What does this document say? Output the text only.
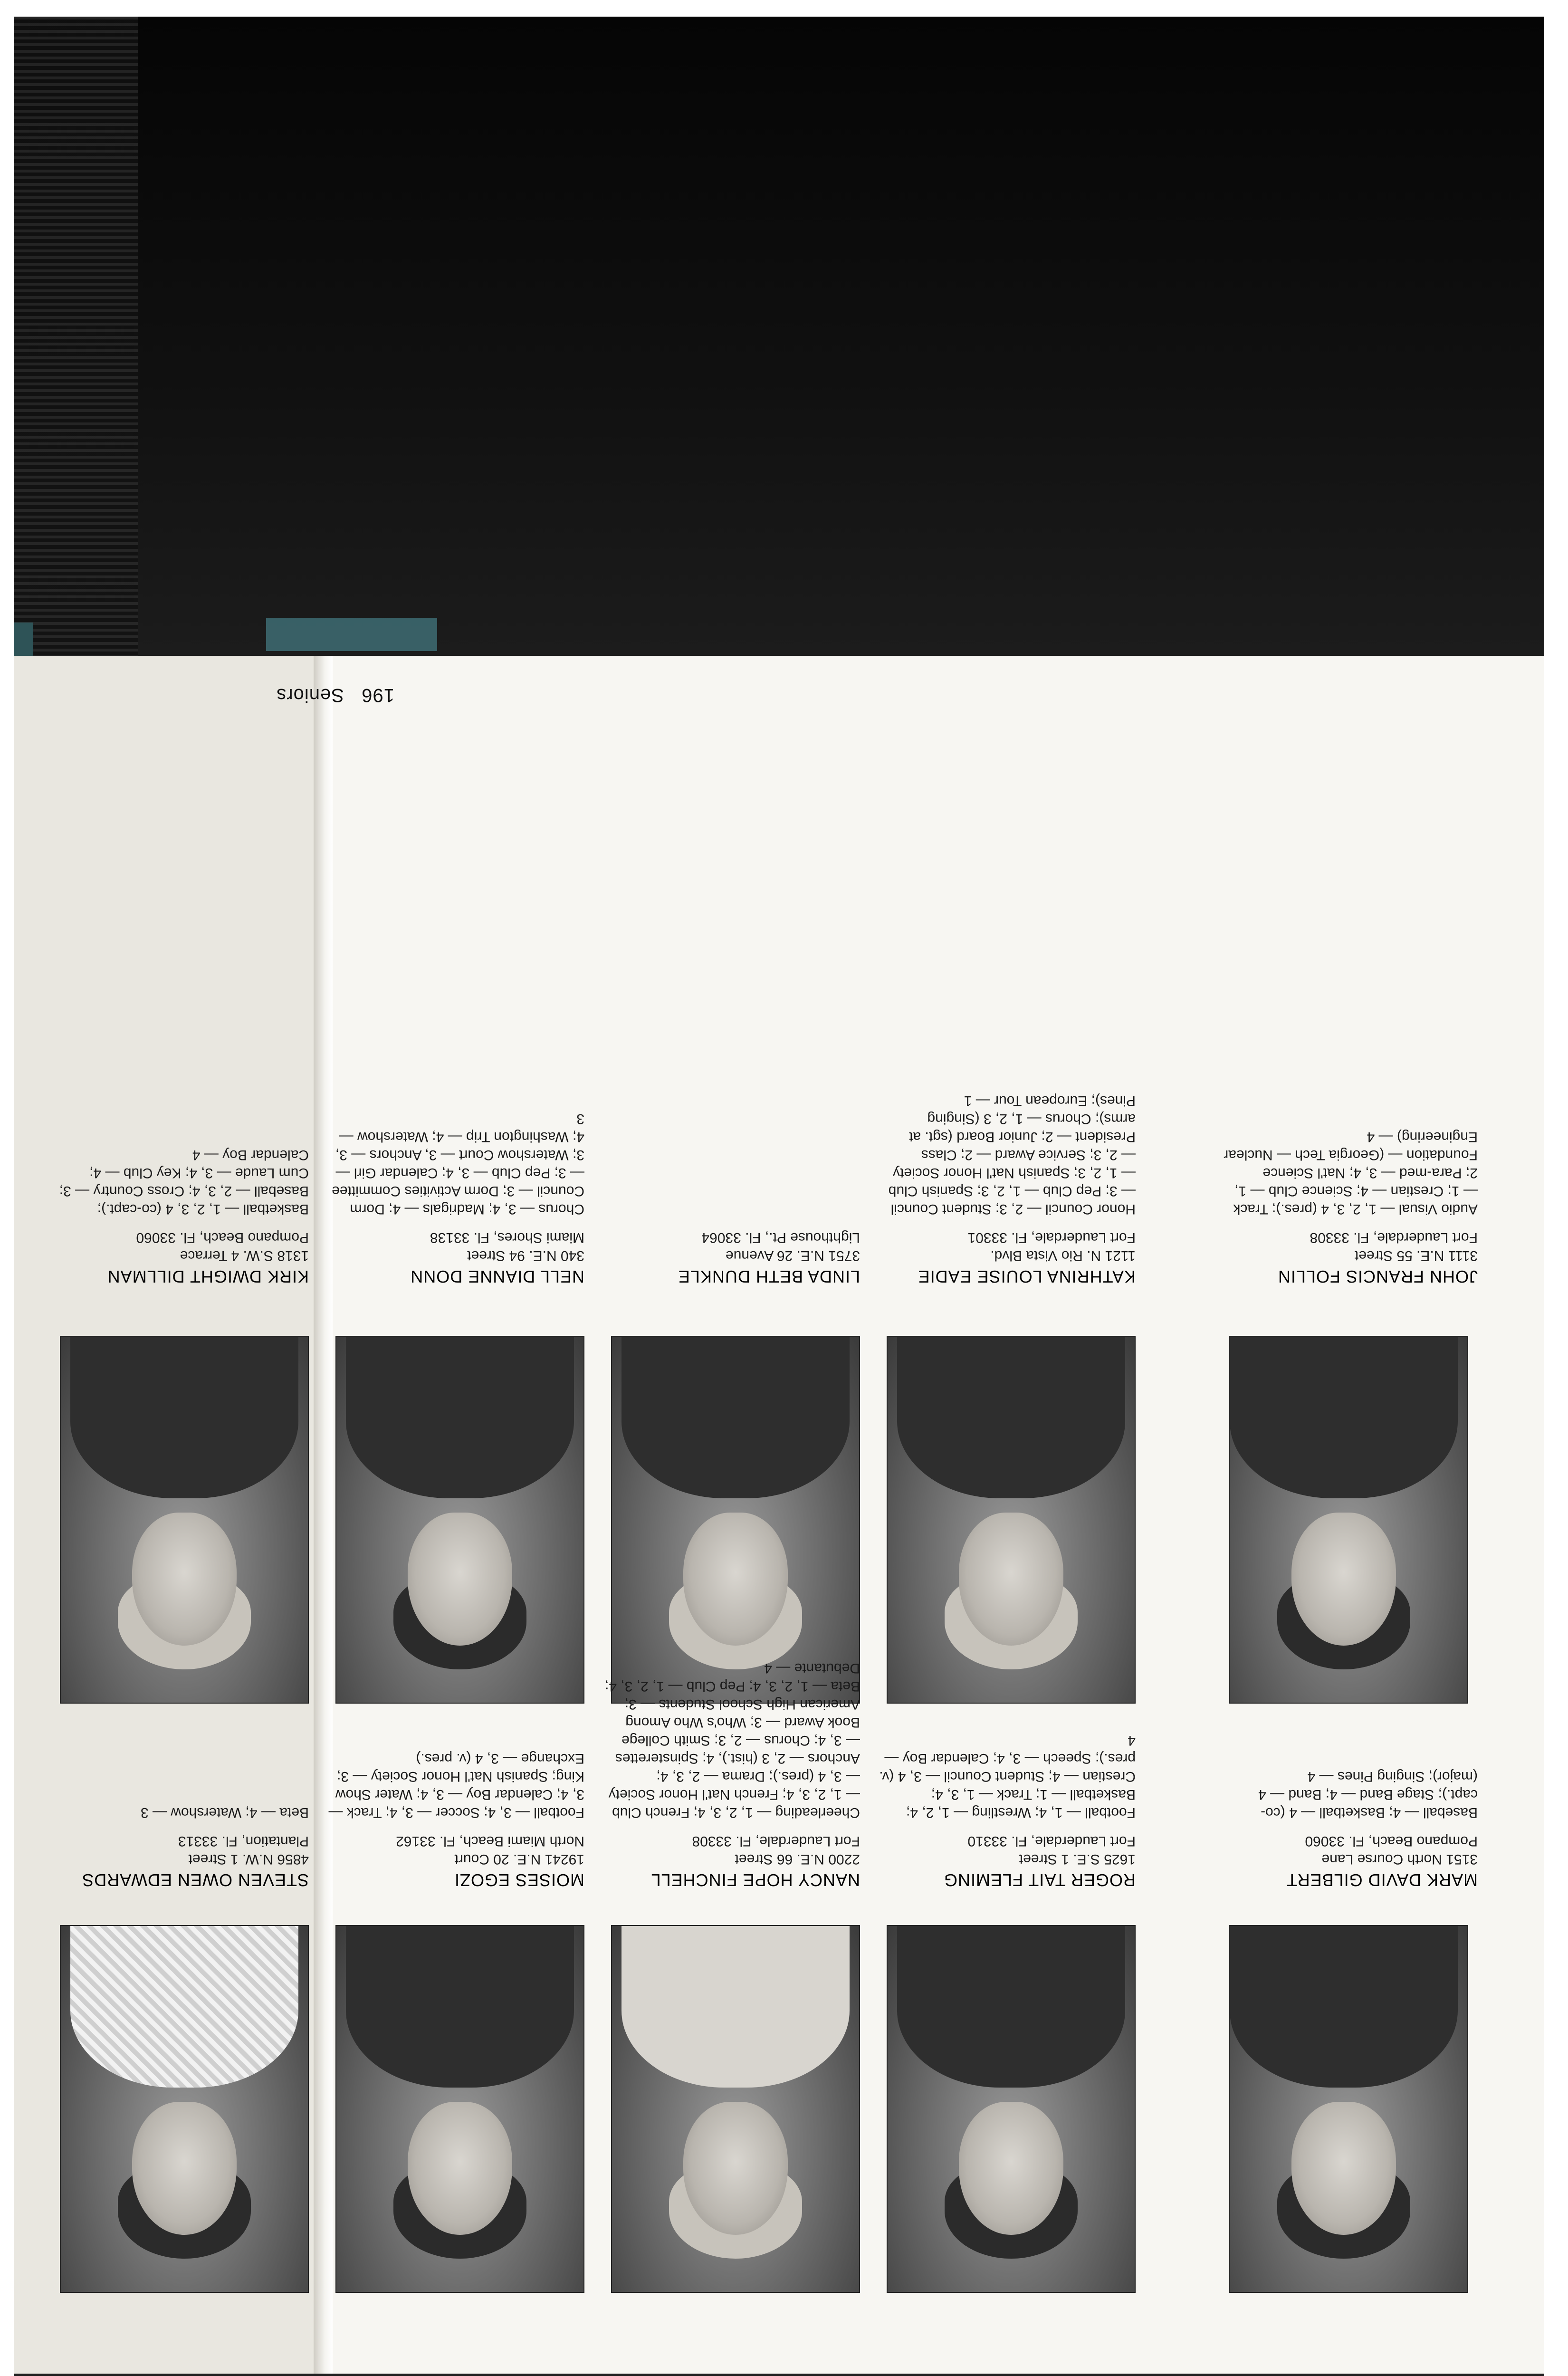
196   Seniors
KIRK DWIGHT DILLMAN
1318 S.W. 4 Terrace
Pompano Beach, Fl. 33060
Basketball — 1, 2, 3, 4 (co-capt.); Baseball — 2, 3, 4; Cross Country — 3; Cum Laude — 3, 4; Key Club — 4; Calendar Boy — 4
NELL DIANNE DONN
340 N.E. 94 Street
Miami Shores, Fl. 33138
Chorus — 3, 4; Madrigals — 4; Dorm Council — 3; Dorm Activities Committee — 3; Pep Club — 3, 4; Calendar Girl — 3; Watershow Court — 3, Anchors — 3, 4; Washington Trip — 4; Watershow — 3
LINDA BETH DUNKLE
3751 N.E. 26 Avenue
Lighthouse Pt., Fl. 33064
KATHRINA LOUISE EADIE
1121 N. Rio Vista Blvd.
Fort Lauderdale, Fl. 33301
Honor Council — 2, 3; Student Council — 3; Pep Club — 1, 2, 3; Spanish Club — 1, 2, 3; Spanish Nat'l Honor Society — 2, 3; Service Award — 2; Class President — 2; Junior Board (sgt. at arms); Chorus — 1, 2, 3 (Singing Pines); European Tour — 1
STEVEN OWEN EDWARDS
4856 N.W. 1 Street
Plantation, Fl. 33313
Beta — 4; Watershow — 3
MOISES EGOZI
19241 N.E. 20 Court
North Miami Beach, Fl. 33162
Football — 3, 4; Soccer — 3, 4; Track — 3, 4; Calendar Boy — 3, 4; Water Show King; Spanish Nat'l Honor Society — 3; Exchange — 3, 4 (v. pres.)
NANCY HOPE FINCHELL
2200 N.E. 66 Street
Fort Lauderdale, Fl. 33308
Cheerleading — 1, 2, 3, 4; French Club — 1, 2, 3, 4; French Nat'l Honor Society — 3, 4 (pres.); Drama — 2, 3, 4; Anchors — 2, 3 (hist.), 4; Spinsterettes — 3, 4; Chorus — 2, 3; Smith College Book Award — 3; Who's Who Among American High School Students — 3; Beta — 1, 2, 3, 4; Pep Club — 1, 2, 3, 4; Debutante — 4
ROGER TAIT FLEMING
1625 S.E. 1 Street
Fort Lauderdale, Fl. 33310
Football — 1, 4; Wrestling — 1, 2, 4; Basketball — 1; Track — 1, 3, 4; Crestian — 4; Student Council — 3, 4 (v. pres.); Speech — 3, 4; Calendar Boy — 4
JOHN FRANCIS FOLLIN
3111 N.E. 55 Street
Fort Lauderdale, Fl. 33308
Audio Visual — 1, 2, 3, 4 (pres.); Track — 1; Crestian — 4; Science Club — 1, 2; Para-med — 3, 4; Nat'l Science Foundation — (Georgia Tech — Nuclear Engineering) — 4
MARK DAVID GILBERT
3151 North Course Lane
Pompano Beach, Fl. 33060
Baseball — 4; Basketball — 4 (co-capt.); Stage Band — 4; Band — 4 (major); Singing Pines — 4
